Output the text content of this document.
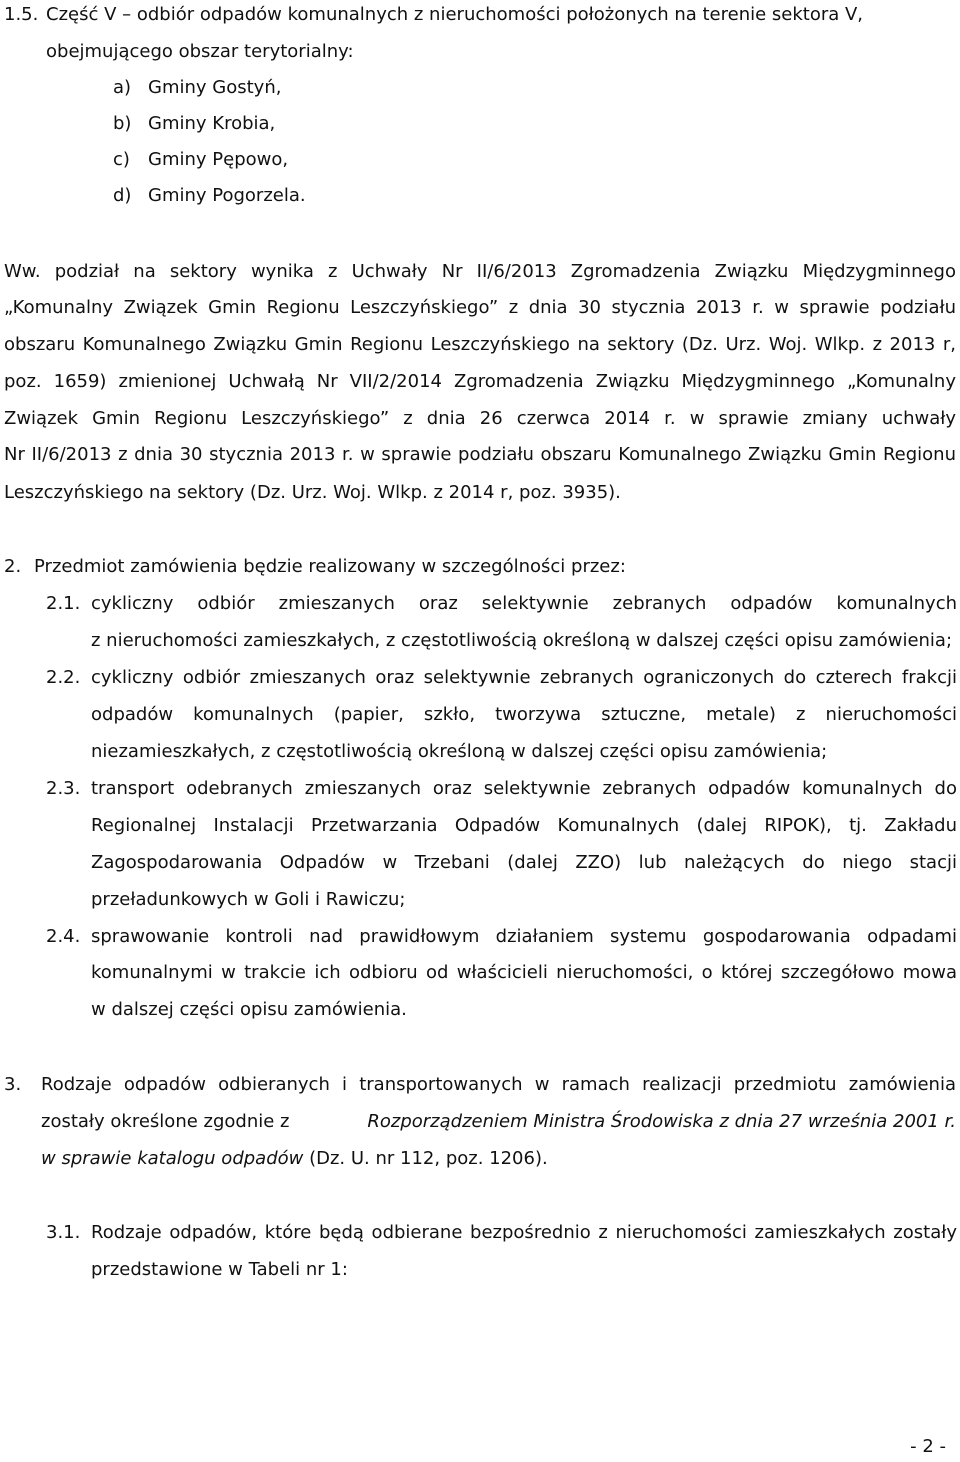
1.5. Część V – odbiór odpadów komunalnych z nieruchomości położonych na terenie sektora V,
obejmującego obszar terytorialny:
a) Gminy Gostyń,
b) Gminy Krobia,
c) Gminy Pępowo,
d) Gminy Pogorzela.
Ww. podział na sektory wynika z Uchwały Nr II/6/2013 Zgromadzenia Związku Międzygminnego
„Komunalny Związek Gmin Regionu Leszczyńskiego” z dnia 30 stycznia 2013 r. w sprawie podziału
obszaru Komunalnego Związku Gmin Regionu Leszczyńskiego na sektory (Dz. Urz. Woj. Wlkp. z 2013 r,
poz. 1659) zmienionej Uchwałą Nr VII/2/2014 Zgromadzenia Związku Międzygminnego „Komunalny
Związek Gmin Regionu Leszczyńskiego” z dnia 26 czerwca 2014 r. w sprawie zmiany uchwały
Nr II/6/2013 z dnia 30 stycznia 2013 r. w sprawie podziału obszaru Komunalnego Związku Gmin Regionu
Leszczyńskiego na sektory (Dz. Urz. Woj. Wlkp. z 2014 r, poz. 3935).
2. Przedmiot zamówienia będzie realizowany w szczególności przez:
2.1. cykliczny odbiór zmieszanych oraz selektywnie zebranych odpadów komunalnych
z nieruchomości zamieszkałych, z częstotliwością określoną w dalszej części opisu zamówienia;
2.2. cykliczny odbiór zmieszanych oraz selektywnie zebranych ograniczonych do czterech frakcji
odpadów komunalnych (papier, szkło, tworzywa sztuczne, metale) z nieruchomości
niezamieszkałych, z częstotliwością określoną w dalszej części opisu zamówienia;
2.3. transport odebranych zmieszanych oraz selektywnie zebranych odpadów komunalnych do
Regionalnej Instalacji Przetwarzania Odpadów Komunalnych (dalej RIPOK), tj. Zakładu
Zagospodarowania Odpadów w Trzebani (dalej ZZO) lub należących do niego stacji
przeładunkowych w Goli i Rawiczu;
2.4. sprawowanie kontroli nad prawidłowym działaniem systemu gospodarowania odpadami
komunalnymi w trakcie ich odbioru od właścicieli nieruchomości, o której szczegółowo mowa
w dalszej części opisu zamówienia.
3. Rodzaje odpadów odbieranych i transportowanych w ramach realizacji przedmiotu zamówienia
zostały określone zgodnie z	Rozporządzeniem Ministra Środowiska z dnia 27 września 2001 r.
w sprawie katalogu odpadów (Dz. U. nr 112, poz. 1206).
3.1. Rodzaje odpadów, które będą odbierane bezpośrednio z nieruchomości zamieszkałych zostały
przedstawione w Tabeli nr 1:
- 2 -
